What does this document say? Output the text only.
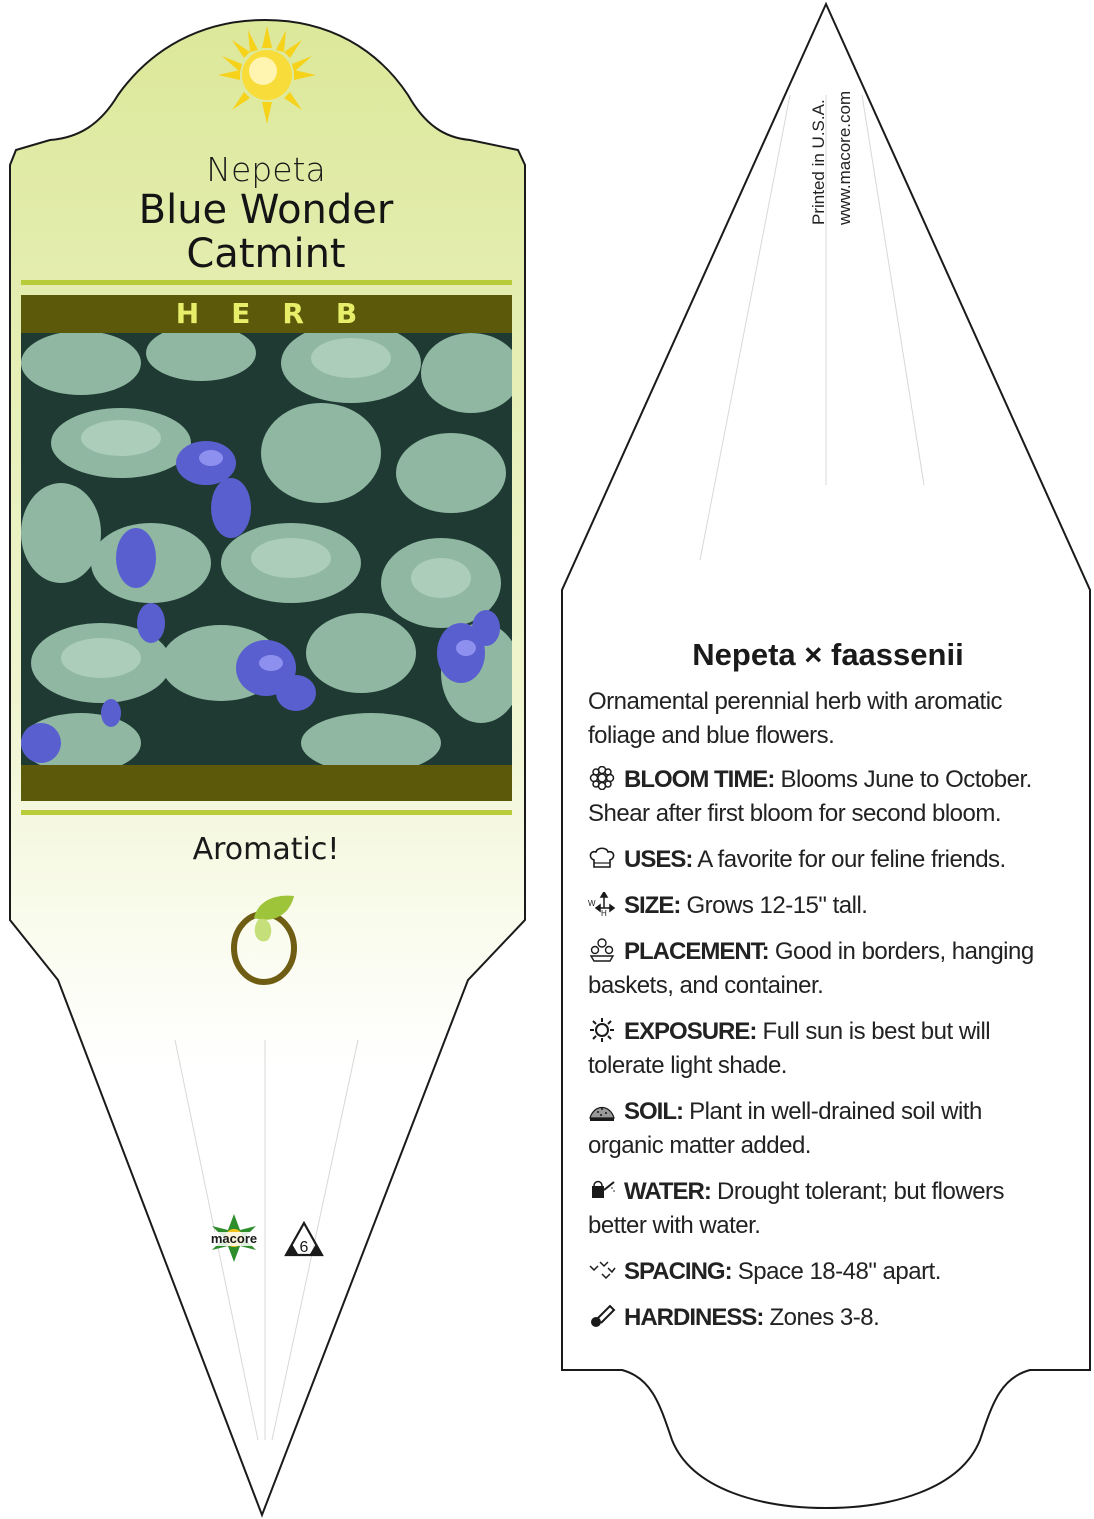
Nepeta
Blue Wonder
Catmint
HERB
Aromatic!
macore
6
Printed in U.S.A. www.macore.com
Nepeta × faassenii
Ornamental perennial herb with aromatic foliage and blue flowers.
BLOOM TIME: Blooms June to October. Shear after first bloom for second bloom.
USES: A favorite for our feline friends.
W
H SIZE: Grows 12-15" tall.
PLACEMENT: Good in borders, hanging baskets, and container.
EXPOSURE: Full sun is best but will tolerate light shade.
SOIL: Plant in well-drained soil with organic matter added.
WATER: Drought tolerant; but flowers better with water.
SPACING: Space 18-48" apart.
HARDINESS: Zones 3-8.
